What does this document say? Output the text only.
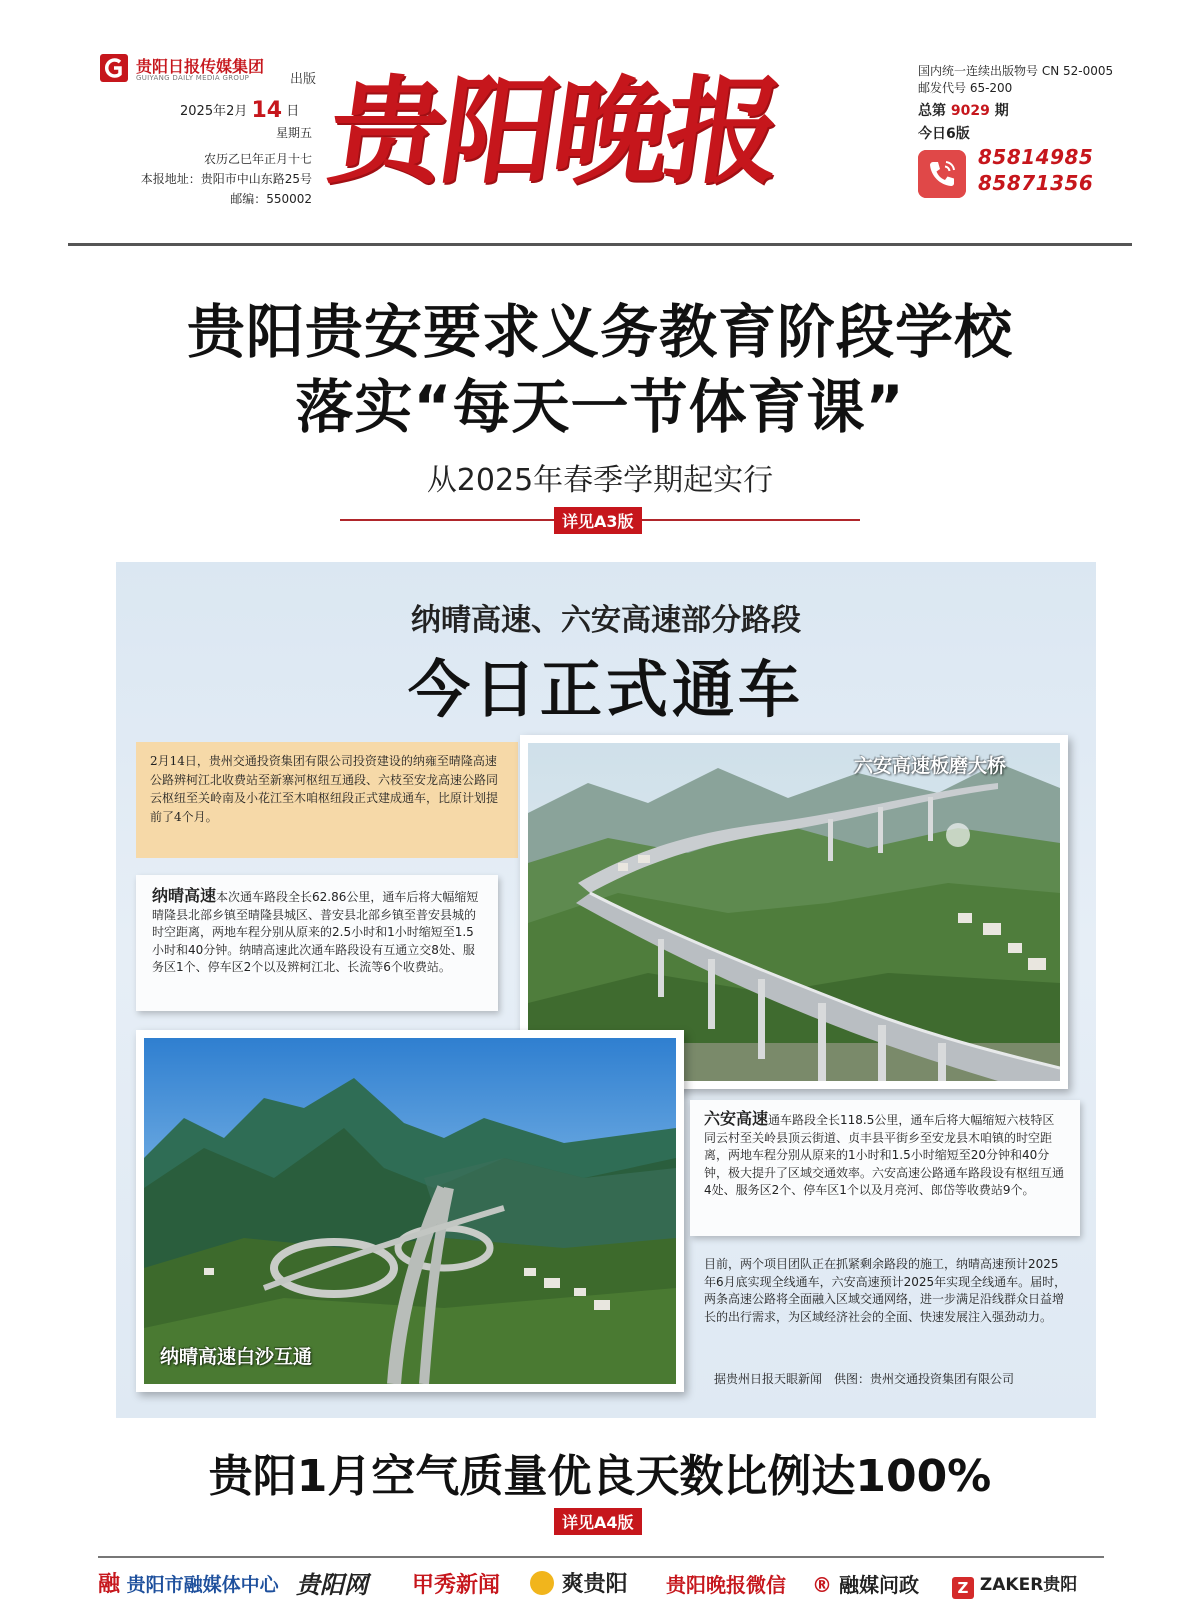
贵阳日报传媒集团
GUIYANG DAILY MEDIA GROUP	出版
2025年2月 14 日
星期五
农历乙巳年正月十七
本报地址：贵阳市中山东路25号
邮编：550002 贵阳晚报	国内统一连续出版物号 CN 52-0005
邮发代号 65-200
总第 9029 期
今日6版
85814985
85871356
贵阳贵安要求义务教育阶段学校
落实“每天一节体育课”
从2025年春季学期起实行
详见A3版
纳晴高速、六安高速部分路段
今日正式通车
2月14日，贵州交通投资集团有限公司投资建设的纳雍至晴隆高速公路辨柯江北收费站至新寨河枢纽互通段、六枝至安龙高速公路同云枢纽至关岭南及小花江至木咱枢纽段正式建成通车，比原计划提前了4个月。
纳晴高速本次通车路段全长62.86公里，通车后将大幅缩短晴隆县北部乡镇至晴隆县城区、普安县北部乡镇至普安县城的时空距离，两地车程分别从原来的2.5小时和1小时缩短至1.5小时和40分钟。纳晴高速此次通车路段设有互通立交8处、服务区1个、停车区2个以及辨柯江北、长流等6个收费站。
六安高速板磨大桥
纳晴高速白沙互通
六安高速通车路段全长118.5公里，通车后将大幅缩短六枝特区同云村至关岭县顶云街道、贞丰县平街乡至安龙县木咱镇的时空距离，两地车程分别从原来的1小时和1.5小时缩短至20分钟和40分钟，极大提升了区域交通效率。六安高速公路通车路段设有枢纽互通4处、服务区2个、停车区1个以及月亮河、郎岱等收费站9个。
目前，两个项目团队正在抓紧剩余路段的施工，纳晴高速预计2025年6月底实现全线通车，六安高速预计2025年实现全线通车。届时，两条高速公路将全面融入区域交通网络，进一步满足沿线群众日益增长的出行需求，为区域经济社会的全面、快速发展注入强劲动力。
据贵州日报天眼新闻　供图：贵州交通投资集团有限公司
贵阳1月空气质量优良天数比例达100%
详见A4版
融 贵阳市融媒体中心 贵阳网 甲秀新闻	爽贵阳 贵阳晚报微信 ® 融媒问政	Z ZAKER贵阳
